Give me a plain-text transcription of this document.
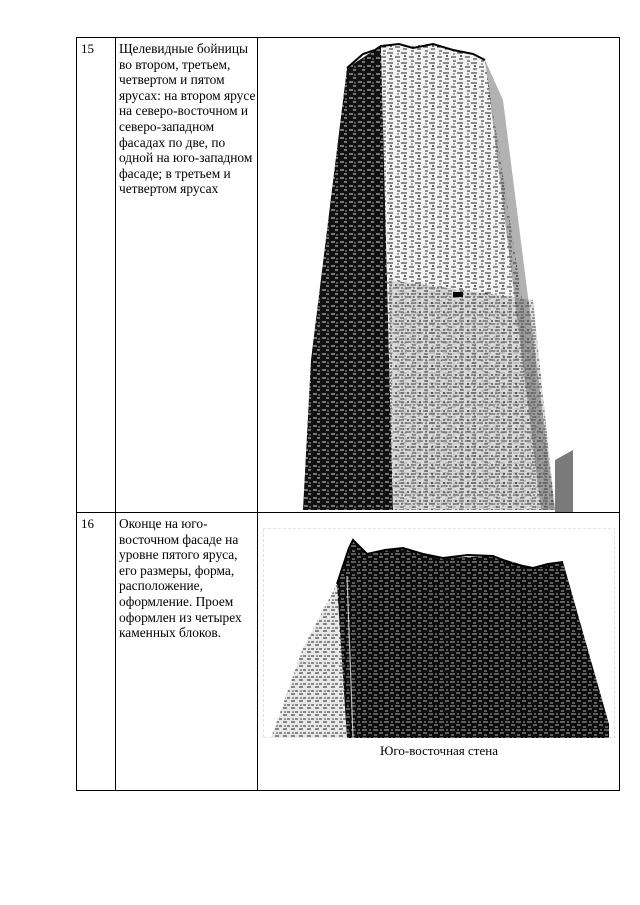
15 Щелевидные бойницы во втором, третьем, четвертом и пятом ярусах: на втором ярусе на северо-восточном и северо-западном фасадах по две, по одной на юго-западном фасаде; в третьем и четвертом ярусах
16 Оконце на юго-восточном фасаде на уровне пятого яруса, его размеры, форма, расположение, оформление. Проем оформлен из четырех каменных блоков.
Юго-восточная стена
